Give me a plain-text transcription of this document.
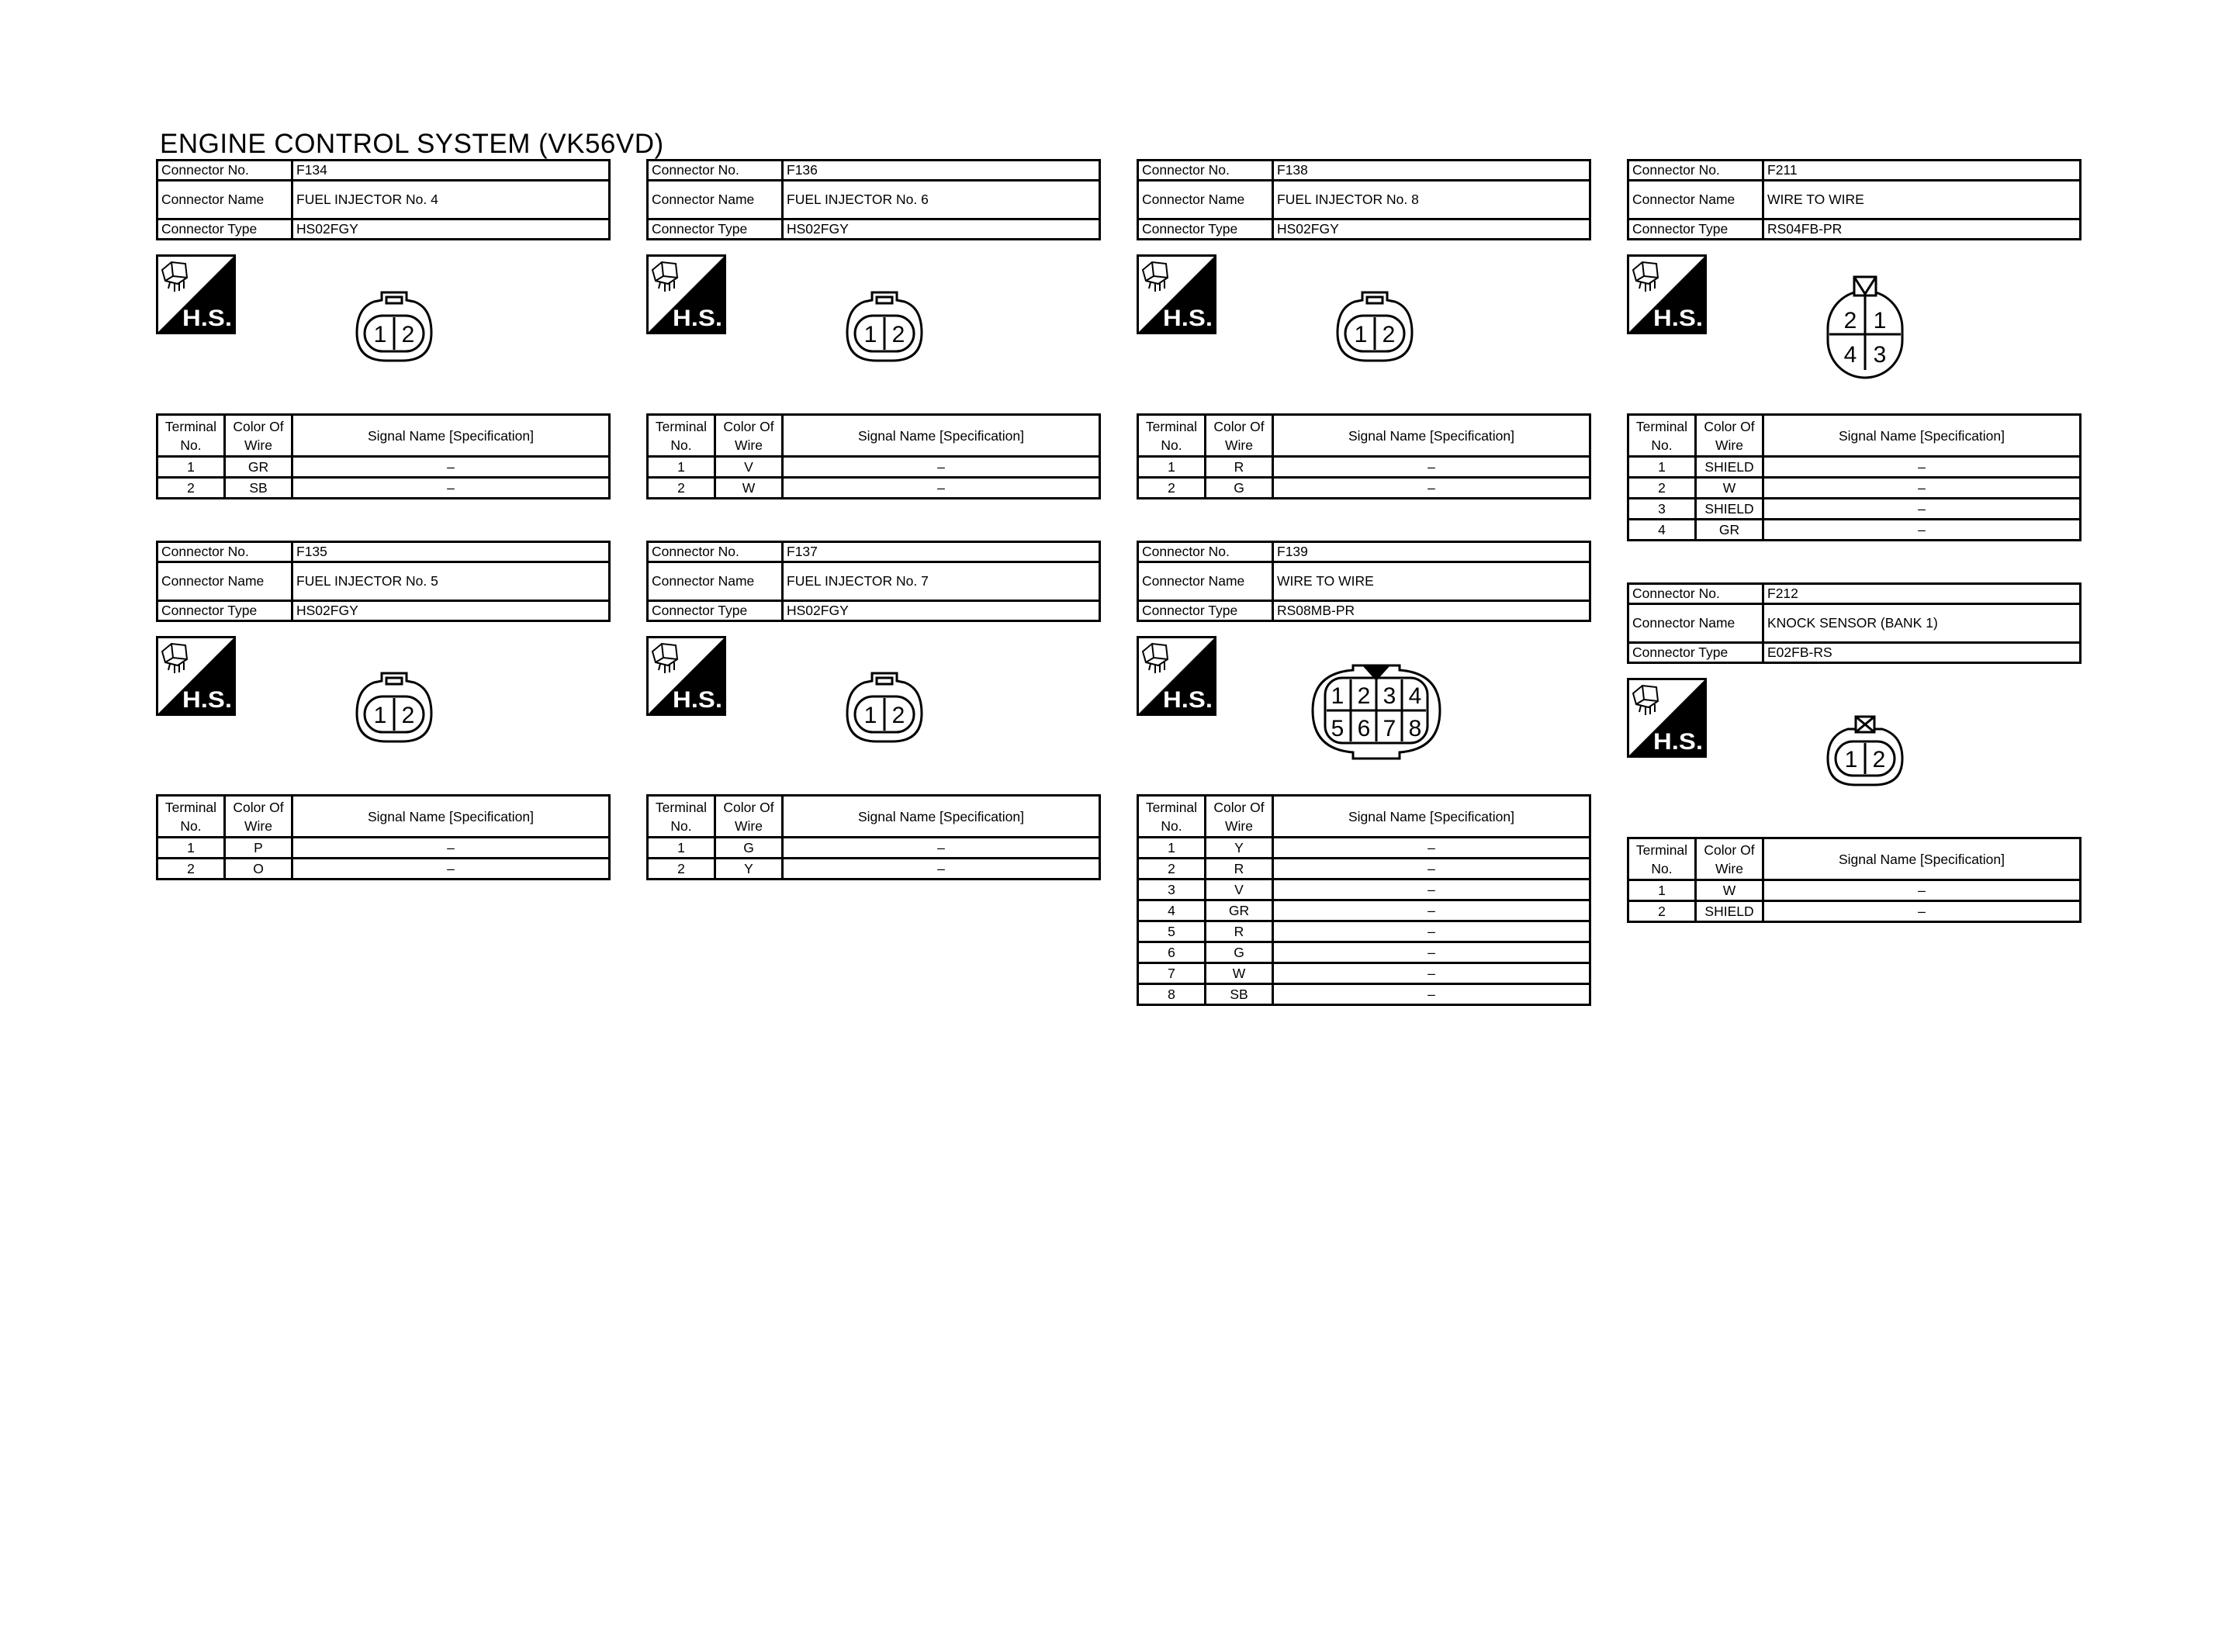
ENGINE CONTROL SYSTEM (VK56VD)
Connector No.	F134
Connector Name	FUEL INJECTOR No. 4
Connector Type	HS02FGY
H.S.
1 2
Terminal No.	Color Of Wire	Signal Name [Specification]
1	GR	–
2	SB	–
Connector No.	F136
Connector Name	FUEL INJECTOR No. 6
Connector Type	HS02FGY
H.S.
1 2
Terminal No.	Color Of Wire	Signal Name [Specification]
1	V	–
2	W	–
Connector No.	F138
Connector Name	FUEL INJECTOR No. 8
Connector Type	HS02FGY
H.S.
1 2
Terminal No.	Color Of Wire	Signal Name [Specification]
1	R	–
2	G	–
Connector No.	F211
Connector Name	WIRE TO WIRE
Connector Type	RS04FB-PR
H.S.	2 1
4 3
Terminal No.	Color Of Wire	Signal Name [Specification]
1	SHIELD	–
2	W	–
3	SHIELD	–
4	GR	–
Connector No.	F135
Connector Name	FUEL INJECTOR No. 5
Connector Type	HS02FGY
H.S.
1 2
Terminal No.	Color Of Wire	Signal Name [Specification]
1	P	–
2	O	–
Connector No.	F137
Connector Name	FUEL INJECTOR No. 7
Connector Type	HS02FGY
H.S.
1 2
Terminal No.	Color Of Wire	Signal Name [Specification]
1	G	–
2	Y	–
Connector No.	F139
Connector Name	WIRE TO WIRE
Connector Type	RS08MB-PR
H.S.	1 2 3 4
5 6 7 8
Terminal No.	Color Of Wire	Signal Name [Specification]
1	Y	–
2	R	–
3	V	–
4	GR	–
5	R	–
6	G	–
7	W	–
8	SB	–
Connector No.	F212
Connector Name	KNOCK SENSOR (BANK 1)
Connector Type	E02FB-RS
H.S.
1 2
Terminal No.	Color Of Wire	Signal Name [Specification]
1	W	–
2	SHIELD	–
